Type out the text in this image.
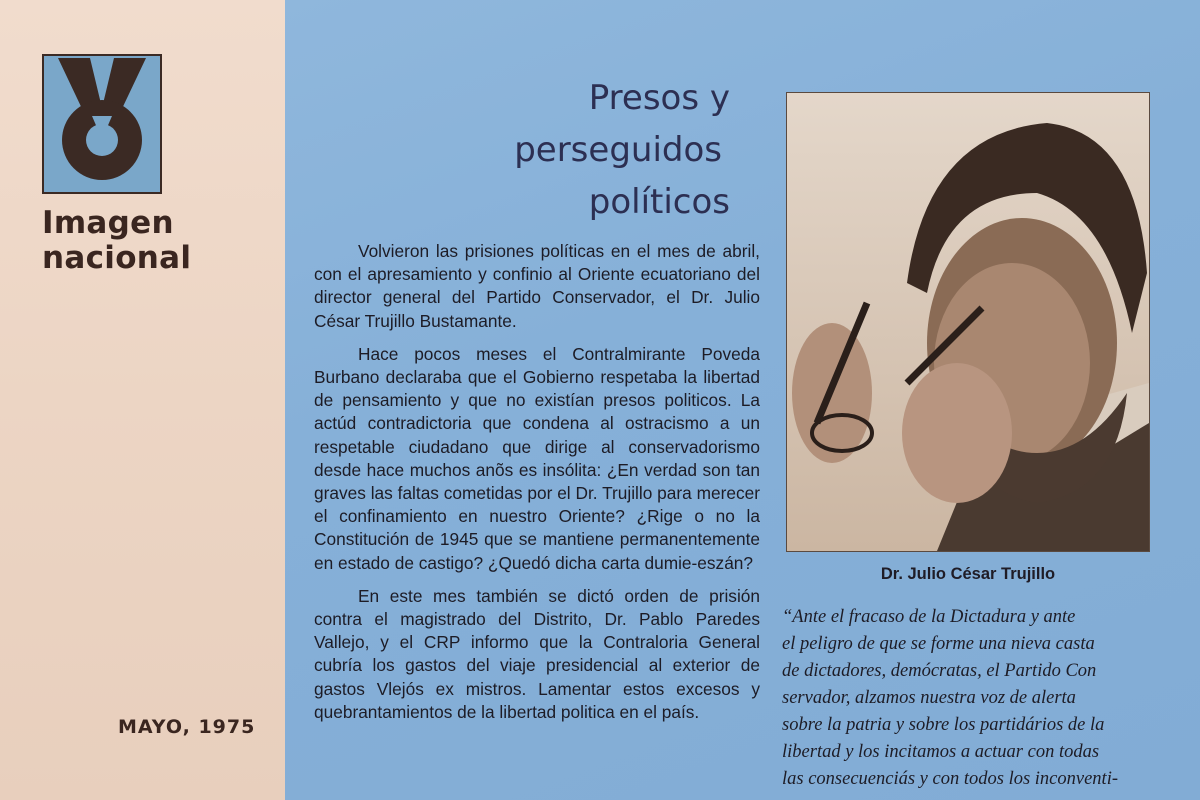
Imagen
nacional
MAYO, 1975
Presos y
perseguidos
políticos

Volvieron las prisiones políticas en el mes de abril, con el apresamiento y confinio al Oriente ecuatoriano del director general del Partido Conservador, el Dr. Julio César Trujillo Bustamante.

Hace pocos meses el Contralmirante Poveda Burbano declaraba que el Gobierno respetaba la libertad de pensamiento y que no existían presos politicos. La actúd contradictoria que condena al ostracismo a un respetable ciudadano que dirige al conservadorismo desde hace muchos anõs es insólita: ¿En verdad son tan graves las faltas cometidas por el Dr. Trujillo para merecer el confinamiento en nuestro Oriente? ¿Rige o no la Constitución de 1945 que se mantiene permanentemente en estado de castigo? ¿Quedó dicha carta dumie-eszán?

En este mes también se dictó orden de prisión contra el magistrado del Distrito, Dr. Pablo Paredes Vallejo, y el CRP informo que la Contraloria General cubría los gastos del viaje presidencial al exterior de gastos Vlejós ex mistros. Lamentar estos excesos y quebrantamientos de la libertad politica en el país.

Dr. Julio César Trujillo
“Ante el fracaso de la Dictadura y ante
el peligro de que se forme una nieva casta
de dictadores, demócratas, el Partido Con
servador, alzamos nuestra voz de alerta
sobre la patria y sobre los partidários de la
libertad y los incitamos a actuar con todas
las consecuenciás y con todos los inconventi-
